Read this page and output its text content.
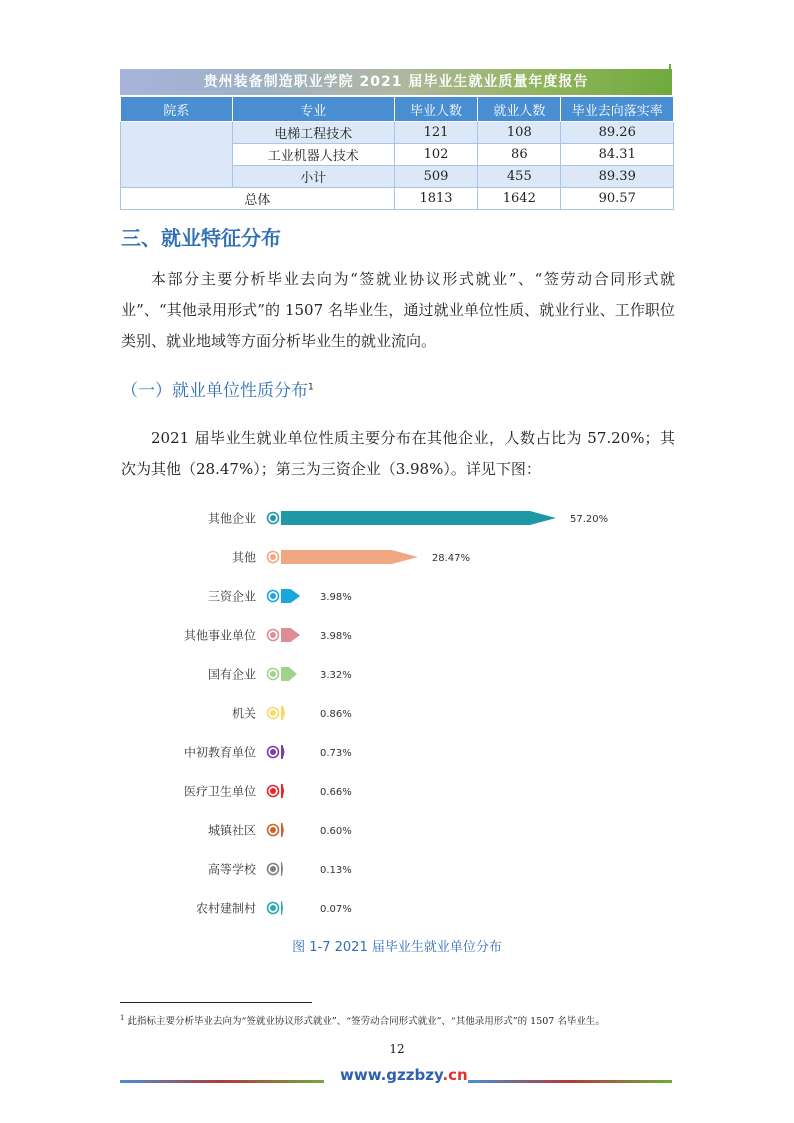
贵州装备制造职业学院 2021 届毕业生就业质量年度报告
院系	专业	毕业人数	就业人数	毕业去向落实率
	电梯工程技术	121	108	89.26
	工业机器人技术	102	86	84.31
	小计	509	455	89.39
总体		1813	1642	90.57
三、就业特征分布

本部分主要分析毕业去向为“签就业协议形式就业”、“签劳动合同形式就业”、“其他录用形式”的 1507 名毕业生，通过就业单位性质、就业行业、工作职位类别、就业地域等方面分析毕业生的就业流向。

（一）就业单位性质分布$^1$

2021 届毕业生就业单位性质主要分布在其他企业，人数占比为 57.20%；其次为其他（28.47%）；第三为三资企业（3.98%）。详见下图：

其他企业	57.20%
其他	28.47%
三资企业	3.98%
其他事业单位	3.98%
国有企业	3.32%
机关	0.86%
中初教育单位	0.73%
医疗卫生单位	0.66%
城镇社区	0.60%
高等学校	0.13%
农村建制村	0.07%
图 1-7 2021 届毕业生就业单位分布
$^1$ 此指标主要分析毕业去向为“签就业协议形式就业”、“签劳动合同形式就业”、“其他录用形式”的 1507 名毕业生。
12
www.gzzbzy.cn
